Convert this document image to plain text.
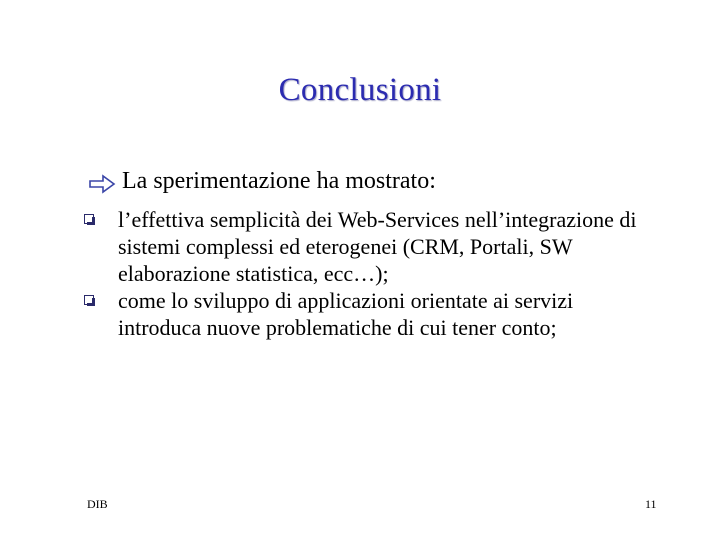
Conclusioni
La sperimentazione ha mostrato:
l’effettiva semplicità dei Web-Services nell’integrazione di sistemi complessi ed eterogenei (CRM, Portali, SW elaborazione statistica, ecc…);
come lo sviluppo di applicazioni orientate ai servizi introduca nuove problematiche di cui tener conto;
DIB	11
